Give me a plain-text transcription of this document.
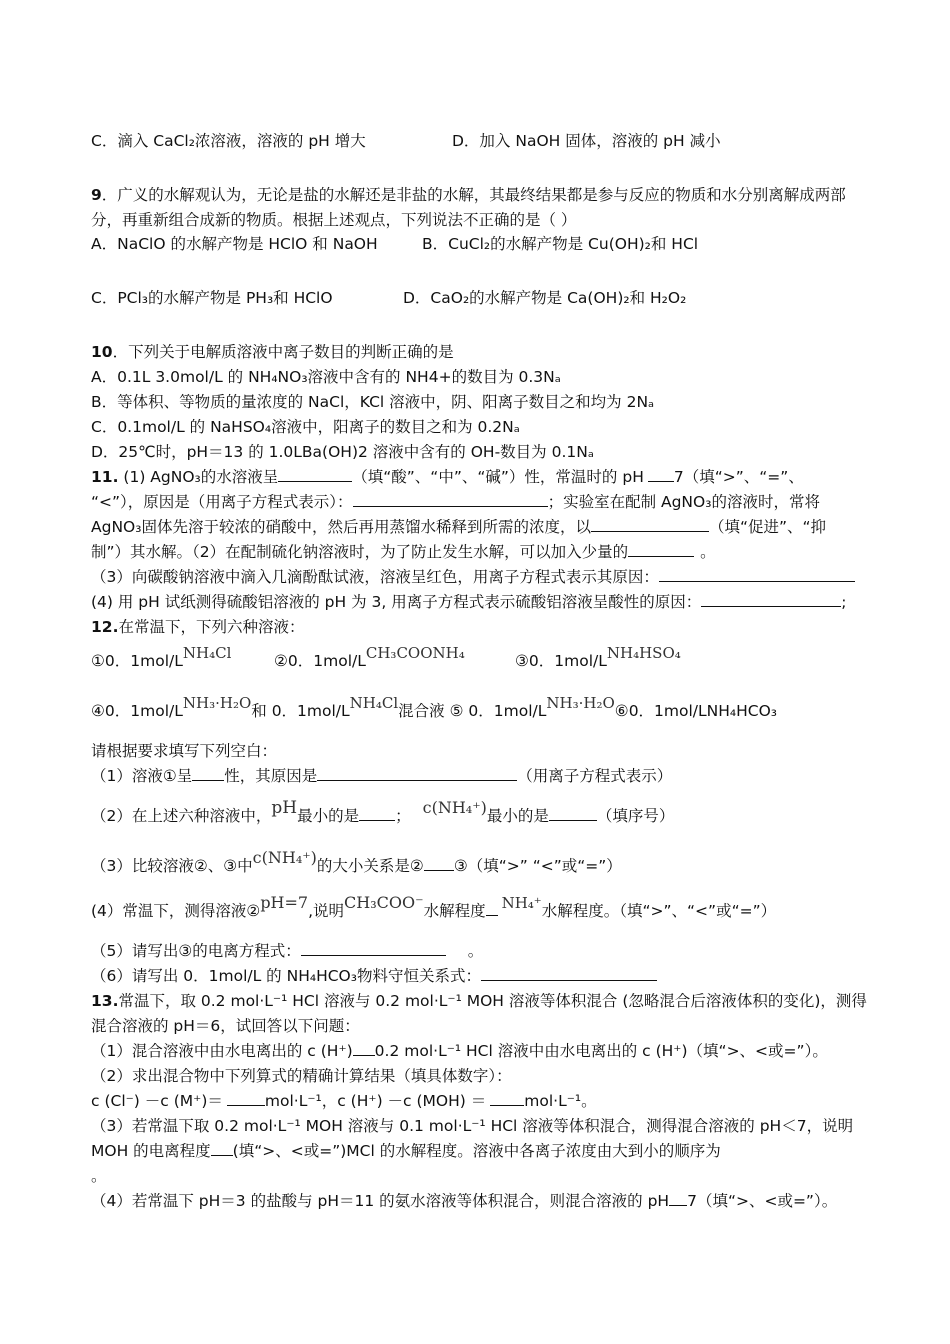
C．滴入 CaCl₂浓溶液，溶液的 pH 增大	D．加入 NaOH 固体，溶液的 pH 减小
9．广义的水解观认为，无论是盐的水解还是非盐的水解，其最终结果都是参与反应的物质和水分别离解成两部
分，再重新组合成新的物质。根据上述观点，下列说法不正确的是（ ）
A．NaClO 的水解产物是 HClO 和 NaOH	B．CuCl₂的水解产物是 Cu(OH)₂和 HCl
C．PCl₃的水解产物是 PH₃和 HClO	D．CaO₂的水解产物是 Ca(OH)₂和 H₂O₂
10．下列关于电解质溶液中离子数目的判断正确的是
A．0.1L 3.0mol/L 的 NH₄NO₃溶液中含有的 NH4+的数目为 0.3Nₐ
B．等体积、等物质的量浓度的 NaCl，KCl 溶液中，阴、阳离子数目之和均为 2Nₐ
C．0.1mol/L 的 NaHSO₄溶液中，阳离子的数目之和为 0.2Nₐ
D．25℃时，pH＝13 的 1.0LBa(OH)2 溶液中含有的 OH-数目为 0.1Nₐ
11. (1) AgNO₃的水溶液呈	（填“酸”、“中”、“碱”）性，常温时的 pH 7（填“>”、“=”、
“<”），原因是（用离子方程式表示）：	；实验室在配制 AgNO₃的溶液时，常将
AgNO₃固体先溶于较浓的硝酸中，然后再用蒸馏水稀释到所需的浓度，以	（填“促进”、“抑
制”）其水解。（2）在配制硫化钠溶液时，为了防止发生水解，可以加入少量的	。
（3）向碳酸钠溶液中滴入几滴酚酞试液，溶液呈红色，用离子方程式表示其原因：
(4) 用 pH 试纸测得硫酸铝溶液的 pH 为 3, 用离子方程式表示硫酸铝溶液呈酸性的原因：	;
12.在常温下，下列六种溶液：
①0．1mol/LNH₄Cl	②0．1mol/LCH₃COONH₄	③0．1mol/LNH₄HSO₄
④0．1mol/LNH₃·H₂O和 0．1mol/LNH₄Cl混合液 ⑤ 0．1mol/LNH₃·H₂O⑥0．1mol/LNH₄HCO₃
请根据要求填写下列空白：
（1）溶液①呈 性，其原因是	（用离子方程式表示）
（2）在上述六种溶液中，pH最小的是 ； c(NH₄⁺)最小的是	（填序号）
（3）比较溶液②、③中c(NH₄⁺)的大小关系是② ③（填“>” “<”或“=”）
(4）常温下，测得溶液②pH=7,说明CH₃COO⁻水解程度 NH₄⁺水解程度。（填“>”、“<”或“=”）
（5）请写出③的电离方程式：	。
（6）请写出 0．1mol/L 的 NH₄HCO₃物料守恒关系式：
13.常温下，取 0.2 mol·L⁻¹ HCl 溶液与 0.2 mol·L⁻¹ MOH 溶液等体积混合 (忽略混合后溶液体积的变化)，测得
混合溶液的 pH＝6，试回答以下问题：
（1）混合溶液中由水电离出的 c (H⁺) 0.2 mol·L⁻¹ HCl 溶液中由水电离出的 c (H⁺)（填“>、<或=”）。
（2）求出混合物中下列算式的精确计算结果（填具体数字）：
c (Cl⁻) －c (M⁺)＝	mol·L⁻¹，c (H⁺) －c (MOH) ＝ mol·L⁻¹。
（3）若常温下取 0.2 mol·L⁻¹ MOH 溶液与 0.1 mol·L⁻¹ HCl 溶液等体积混合，测得混合溶液的 pH＜7，说明
MOH 的电离程度 (填“>、<或=”)MCl 的水解程度。溶液中各离子浓度由大到小的顺序为
。
（4）若常温下 pH＝3 的盐酸与 pH＝11 的氨水溶液等体积混合，则混合溶液的 pH 7（填“>、<或=”）。
